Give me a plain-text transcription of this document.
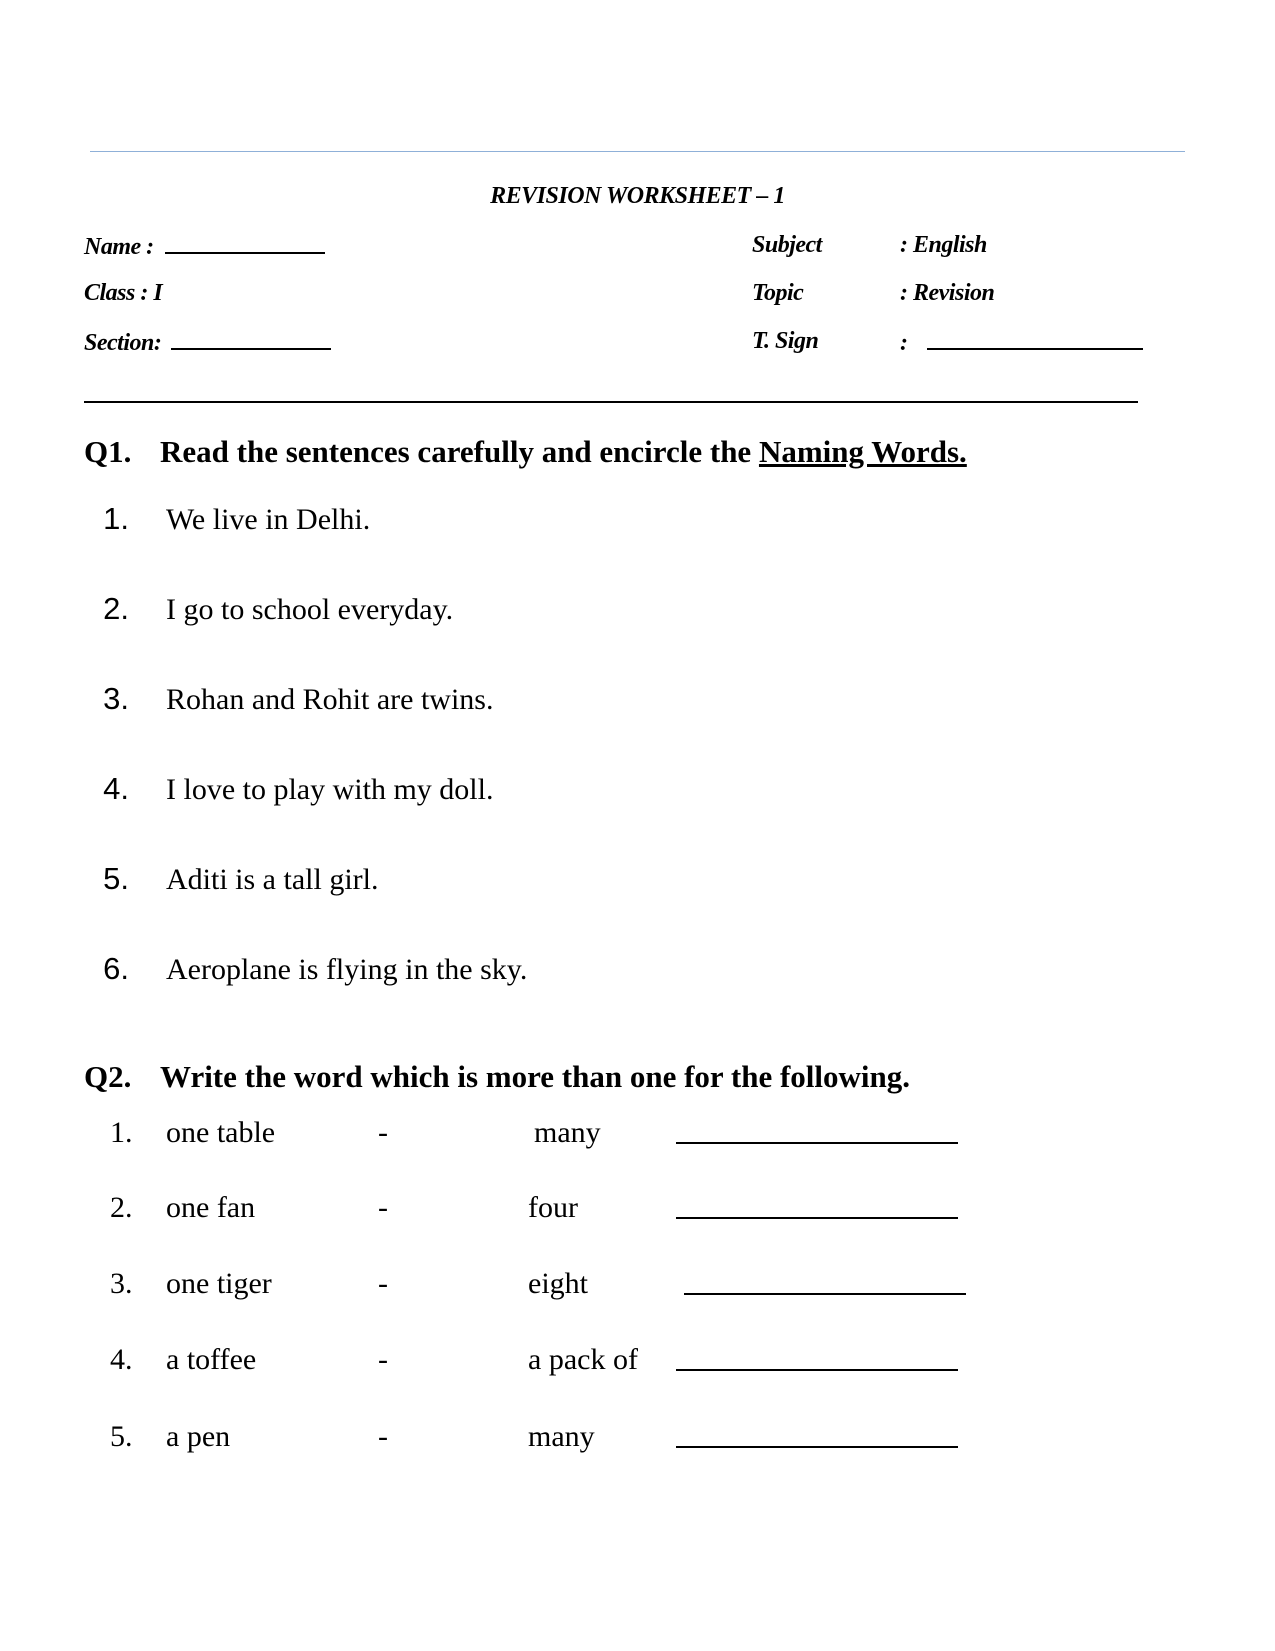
REVISION WORKSHEET – 1
Name :
Class : I
Section:
Subject	: English
Topic	: Revision
T. Sign	:
Q1. Read the sentences carefully and encircle the Naming Words.
1. We live in Delhi.
2. I go to school everyday.
3. Rohan and Rohit are twins.
4. I love to play with my doll.
5. Aditi is a tall girl.
6. Aeroplane is flying in the sky.
Q2. Write the word which is more than one for the following.
1. one table	-	many
2. one fan	-	four
3. one tiger	-	eight
4. a toffee	-	a pack of
5. a pen	-	many
